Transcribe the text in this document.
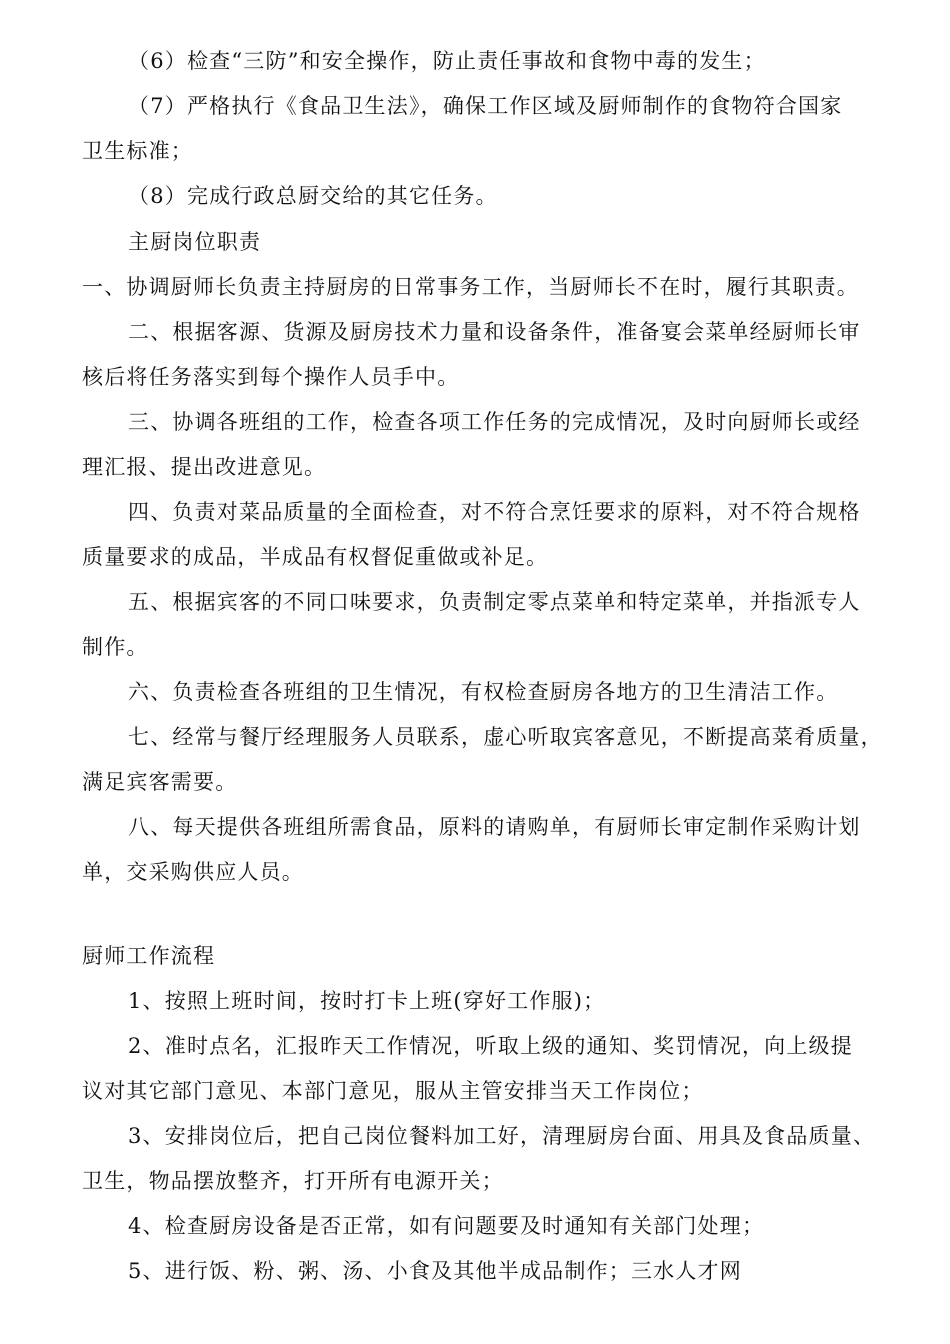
（6）检查“三防”和安全操作，防止责任事故和食物中毒的发生；
（7）严格执行《食品卫生法》，确保工作区域及厨师制作的食物符合国家
卫生标准；
（8）完成行政总厨交给的其它任务。
主厨岗位职责
一、协调厨师长负责主持厨房的日常事务工作，当厨师长不在时，履行其职责。
二、根据客源、货源及厨房技术力量和设备条件，准备宴会菜单经厨师长审
核后将任务落实到每个操作人员手中。
三、协调各班组的工作，检查各项工作任务的完成情况，及时向厨师长或经
理汇报、提出改进意见。
四、负责对菜品质量的全面检查，对不符合烹饪要求的原料，对不符合规格
质量要求的成品，半成品有权督促重做或补足。
五、根据宾客的不同口味要求，负责制定零点菜单和特定菜单，并指派专人
制作。
六、负责检查各班组的卫生情况，有权检查厨房各地方的卫生清洁工作。
七、经常与餐厅经理服务人员联系，虚心听取宾客意见，不断提高菜肴质量，
满足宾客需要。
八、每天提供各班组所需食品，原料的请购单，有厨师长审定制作采购计划
单，交采购供应人员。
厨师工作流程
1、按照上班时间，按时打卡上班(穿好工作服)；
2、准时点名，汇报昨天工作情况，听取上级的通知、奖罚情况，向上级提
议对其它部门意见、本部门意见，服从主管安排当天工作岗位；
3、安排岗位后，把自己岗位餐料加工好，清理厨房台面、用具及食品质量、
卫生，物品摆放整齐，打开所有电源开关；
4、检查厨房设备是否正常，如有问题要及时通知有关部门处理；
5、进行饭、粉、粥、汤、小食及其他半成品制作；三水人才网
